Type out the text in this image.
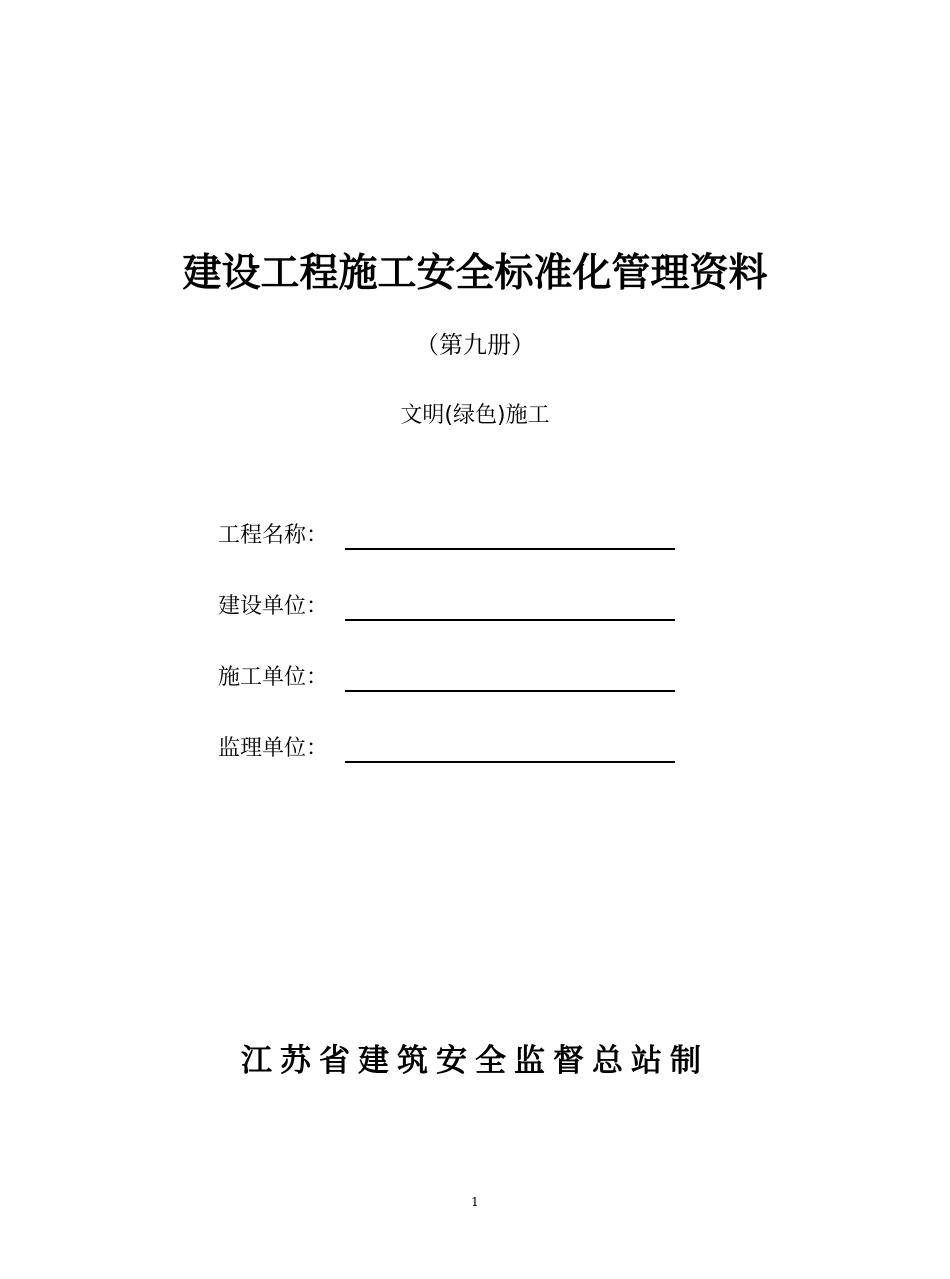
建设工程施工安全标准化管理资料
（第九册）
文明(绿色)施工
工程名称：
建设单位：
施工单位：
监理单位：
江苏省建筑安全监督总站制
1
